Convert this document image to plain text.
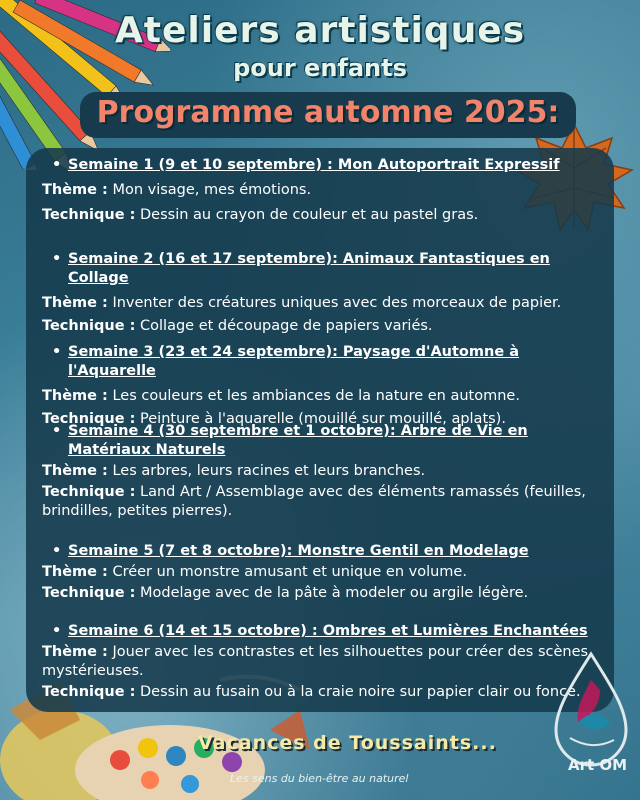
Ateliers artistiques
pour enfants
Programme automne 2025:
• Semaine 1 (9 et 10 septembre) : Mon Autoportrait Expressif
Thème : Mon visage, mes émotions.
Technique : Dessin au crayon de couleur et au pastel gras.
• Semaine 2 (16 et 17 septembre): Animaux Fantastiques en Collage
Thème : Inventer des créatures uniques avec des morceaux de papier.
Technique : Collage et découpage de papiers variés.
• Semaine 3 (23 et 24 septembre): Paysage d'Automne à l'Aquarelle
Thème : Les couleurs et les ambiances de la nature en automne.
Technique : Peinture à l'aquarelle (mouillé sur mouillé, aplats).
• Semaine 4 (30 septembre et 1 octobre): Arbre de Vie en Matériaux Naturels
Thème : Les arbres, leurs racines et leurs branches.
Technique : Land Art / Assemblage avec des éléments ramassés (feuilles, brindilles, petites pierres).
• Semaine 5 (7 et 8 octobre): Monstre Gentil en Modelage
Thème : Créer un monstre amusant et unique en volume.
Technique : Modelage avec de la pâte à modeler ou argile légère.
• Semaine 6 (14 et 15 octobre) : Ombres et Lumières Enchantées
Thème : Jouer avec les contrastes et les silhouettes pour créer des scènes mystérieuses.
Technique : Dessin au fusain ou à la craie noire sur papier clair ou foncé.
Vacances de Toussaints...
Les sens du bien-être au naturel
Art OM
